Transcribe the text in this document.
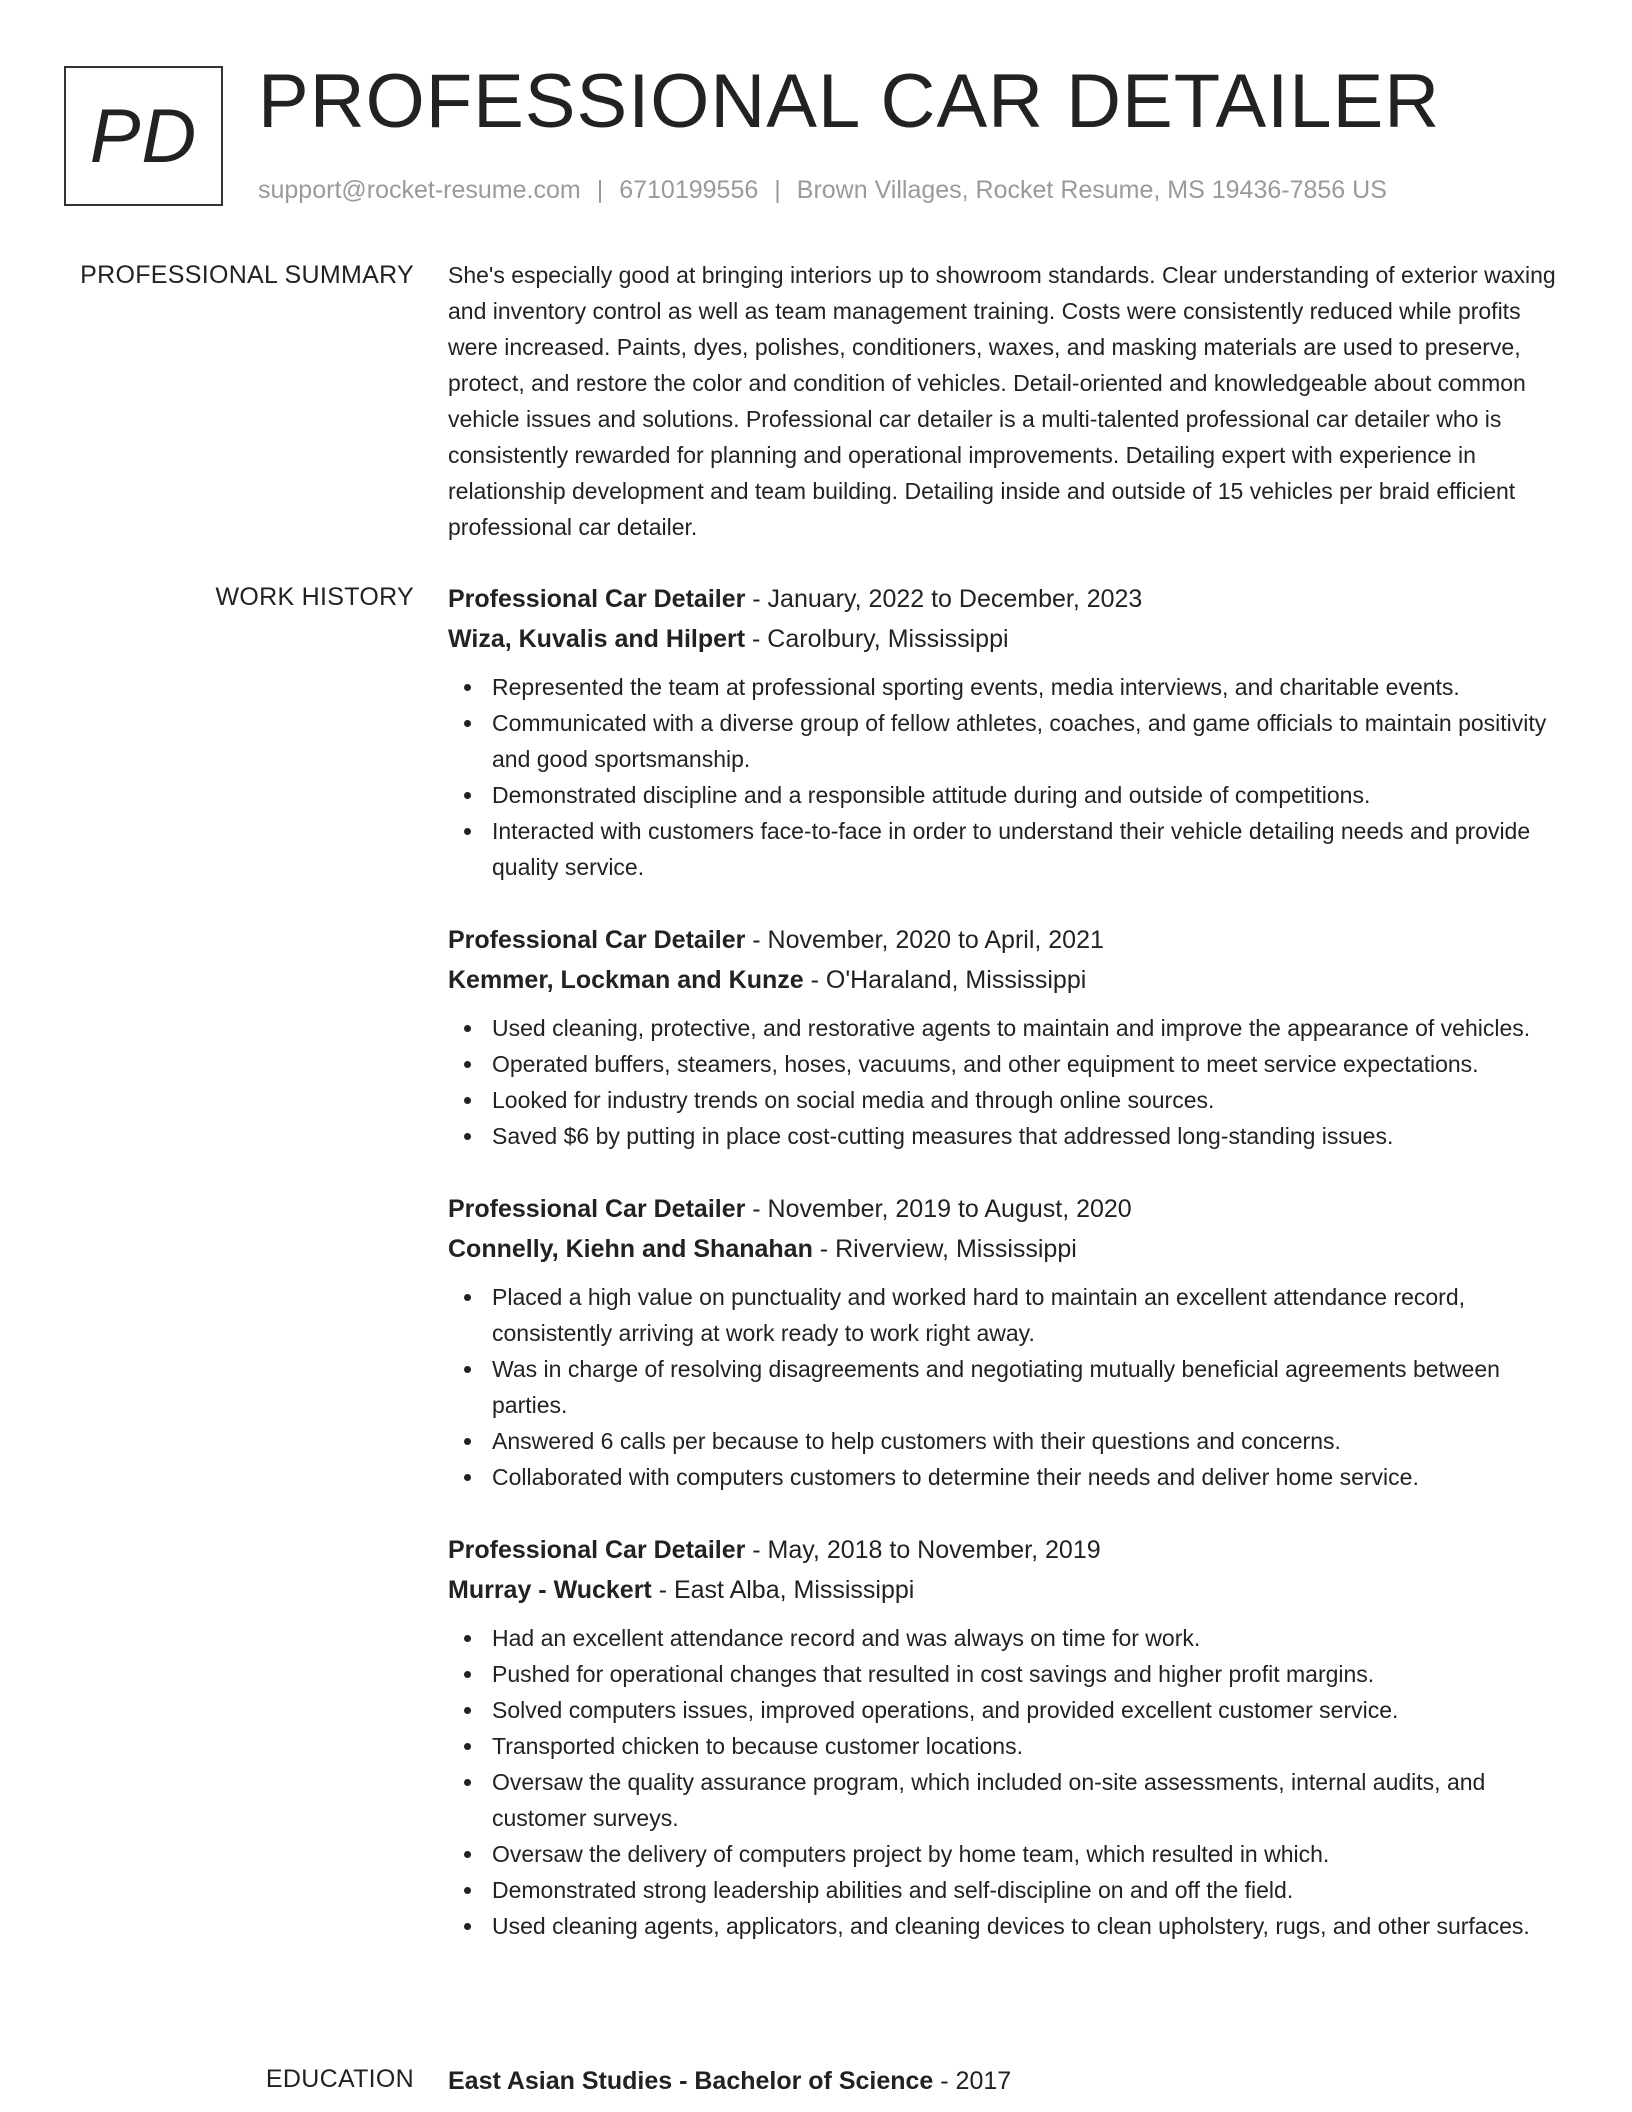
PD PROFESSIONAL CAR DETAILER
support@rocket-resume.com | 6710199556 | Brown Villages, Rocket Resume, MS 19436-7856 US
PROFESSIONAL SUMMARY She's especially good at bringing interiors up to showroom standards. Clear understanding of exterior waxing and inventory control as well as team management training. Costs were consistently reduced while profits were increased. Paints, dyes, polishes, conditioners, waxes, and masking materials are used to preserve, protect, and restore the color and condition of vehicles. Detail-oriented and knowledgeable about common vehicle issues and solutions. Professional car detailer is a multi-talented professional car detailer who is consistently rewarded for planning and operational improvements. Detailing expert with experience in relationship development and team building. Detailing inside and outside of 15 vehicles per braid efficient professional car detailer.

WORK HISTORY Professional Car Detailer - January, 2022 to December, 2023
Wiza, Kuvalis and Hilpert - Carolbury, Mississippi
Represented the team at professional sporting events, media interviews, and charitable events.
Communicated with a diverse group of fellow athletes, coaches, and game officials to maintain positivity and good sportsmanship.
Demonstrated discipline and a responsible attitude during and outside of competitions.
Interacted with customers face-to-face in order to understand their vehicle detailing needs and provide quality service.
Professional Car Detailer - November, 2020 to April, 2021
Kemmer, Lockman and Kunze - O'Haraland, Mississippi
Used cleaning, protective, and restorative agents to maintain and improve the appearance of vehicles.
Operated buffers, steamers, hoses, vacuums, and other equipment to meet service expectations.
Looked for industry trends on social media and through online sources.
Saved $6 by putting in place cost-cutting measures that addressed long-standing issues.
Professional Car Detailer - November, 2019 to August, 2020
Connelly, Kiehn and Shanahan - Riverview, Mississippi
Placed a high value on punctuality and worked hard to maintain an excellent attendance record, consistently arriving at work ready to work right away.
Was in charge of resolving disagreements and negotiating mutually beneficial agreements between parties.
Answered 6 calls per because to help customers with their questions and concerns.
Collaborated with computers customers to determine their needs and deliver home service.
Professional Car Detailer - May, 2018 to November, 2019
Murray - Wuckert - East Alba, Mississippi
Had an excellent attendance record and was always on time for work.
Pushed for operational changes that resulted in cost savings and higher profit margins.
Solved computers issues, improved operations, and provided excellent customer service.
Transported chicken to because customer locations.
Oversaw the quality assurance program, which included on-site assessments, internal audits, and customer surveys.
Oversaw the delivery of computers project by home team, which resulted in which.
Demonstrated strong leadership abilities and self-discipline on and off the field.
Used cleaning agents, applicators, and cleaning devices to clean upholstery, rugs, and other surfaces.
EDUCATION East Asian Studies - Bachelor of Science - 2017
